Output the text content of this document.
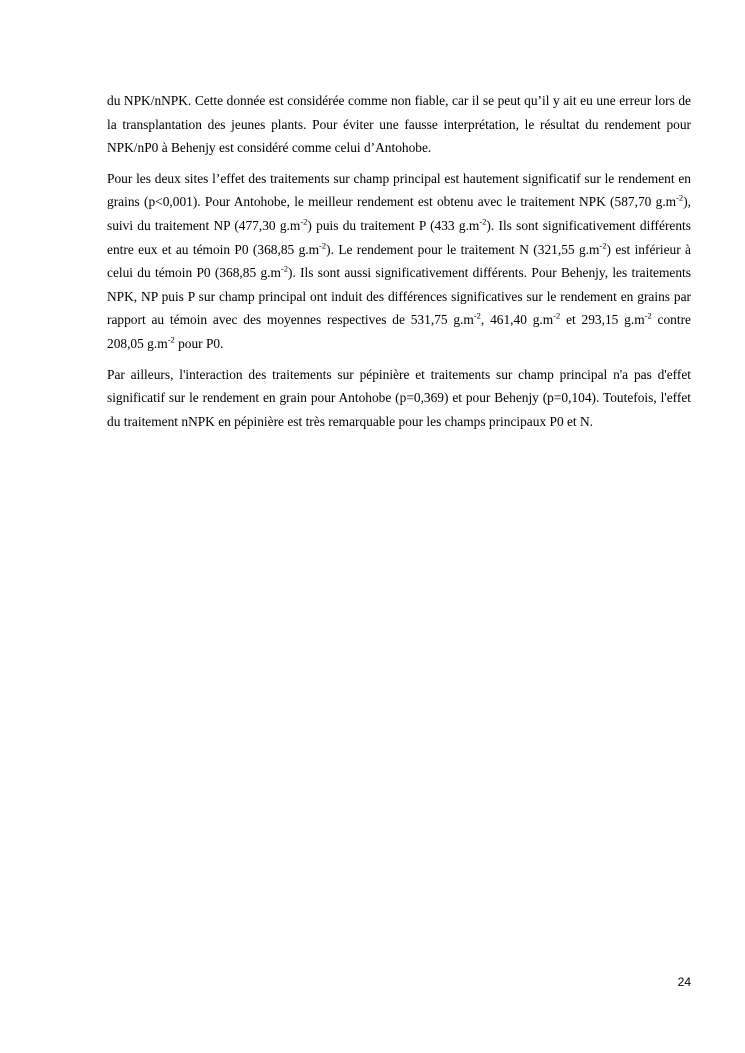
du NPK/nNPK. Cette donnée est considérée comme non fiable, car il se peut qu’il y ait eu une erreur lors de la transplantation des jeunes plants. Pour éviter une fausse interprétation, le résultat du rendement pour NPK/nP0 à Behenjy est considéré comme celui d’Antohobe.

Pour les deux sites l’effet des traitements sur champ principal est hautement significatif sur le rendement en grains (p<0,001). Pour Antohobe, le meilleur rendement est obtenu avec le traitement NPK (587,70 $g.m^{-2}$), suivi du traitement NP (477,30 $g.m^{-2}$) puis du traitement P (433 $g.m^{-2}$). Ils sont significativement différents entre eux et au témoin P0 (368,85 $g.m^{-2}$). Le rendement pour le traitement N (321,55 $g.m^{-2}$) est inférieur à celui du témoin P0 (368,85 $g.m^{-2}$). Ils sont aussi significativement différents. Pour Behenjy, les traitements NPK, NP puis P sur champ principal ont induit des différences significatives sur le rendement en grains par rapport au témoin avec des moyennes respectives de 531,75 $g.m^{-2}$, 461,40 $g.m^{-2}$ et 293,15 $g.m^{-2}$ contre 208,05 $g.m^{-2}$ pour P0.

Par ailleurs, l'interaction des traitements sur pépinière et traitements sur champ principal n'a pas d'effet significatif sur le rendement en grain pour Antohobe (p=0,369) et pour Behenjy (p=0,104). Toutefois, l'effet du traitement nNPK en pépinière est très remarquable pour les champs principaux P0 et N.

24
